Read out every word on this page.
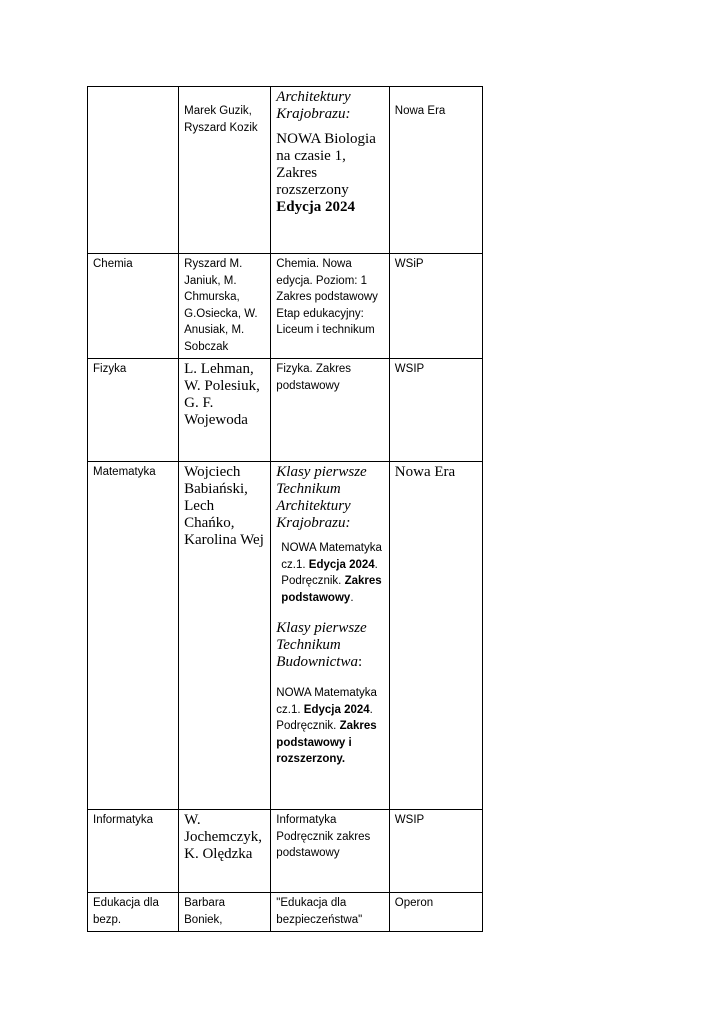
	Marek Guzik, Ryszard Kozik	Architektury Krajobrazu:
NOWA Biologia na czasie 1, Zakres rozszerzony
Edycja 2024	Nowa Era
Chemia	Ryszard M. Janiuk, M. Chmurska, G.Osiecka, W. Anusiak, M. Sobczak	Chemia. Nowa edycja. Poziom: 1 Zakres podstawowy Etap edukacyjny: Liceum i technikum	WSiP
Fizyka	L. Lehman, W. Polesiuk, G. F. Wojewoda	Fizyka. Zakres podstawowy	WSIP
Matematyka	Wojciech Babiański, Lech Chańko, Karolina Wej	Klasy pierwsze Technikum Architektury Krajobrazu:
NOWA Matematyka cz.1. Edycja 2024. Podręcznik. Zakres podstawowy.
Klasy pierwsze Technikum Budownictwa:
NOWA Matematyka cz.1. Edycja 2024. Podręcznik. Zakres podstawowy i rozszerzony.	Nowa Era
Informatyka	W. Jochemczyk, K. Olędzka	Informatyka Podręcznik zakres podstawowy	WSIP
Edukacja dla bezp.	Barbara Boniek,	"Edukacja dla bezpieczeństwa"	Operon
